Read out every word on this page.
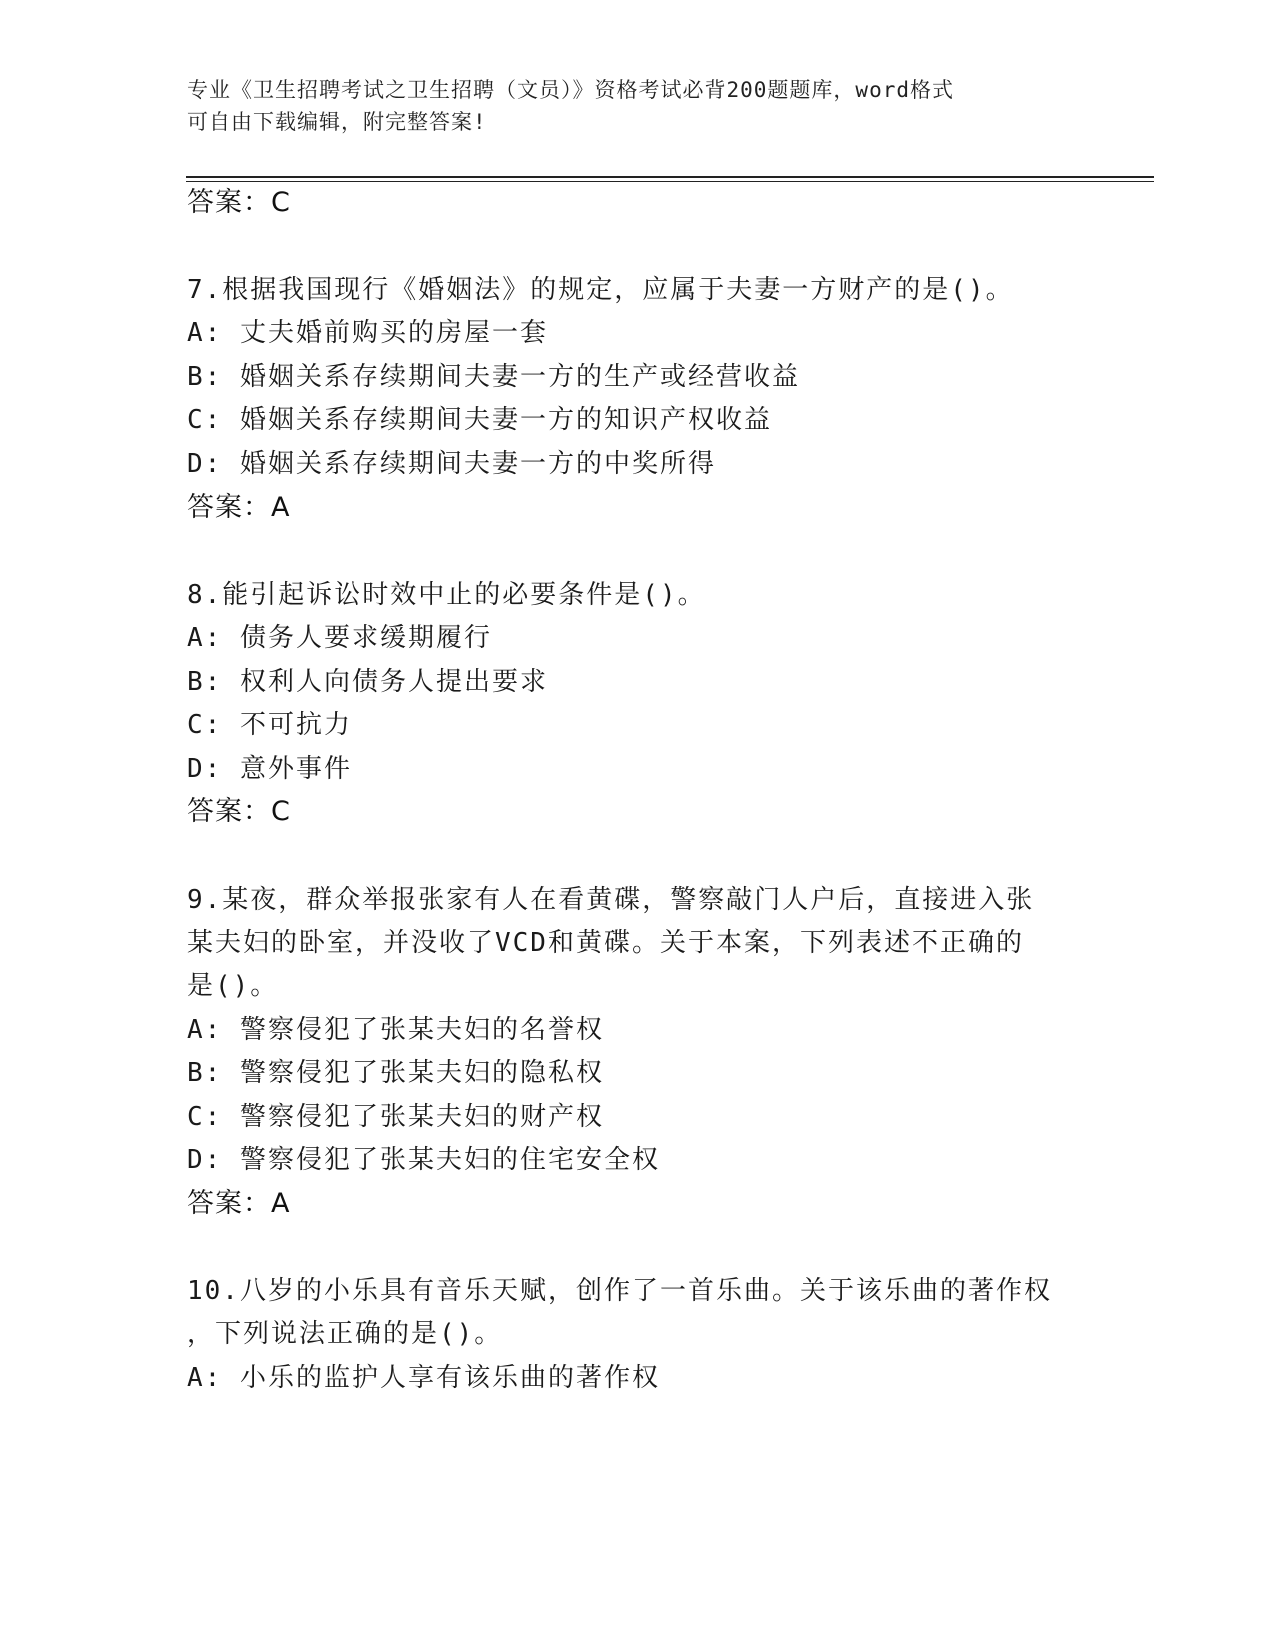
专业《卫生招聘考试之卫生招聘（文员）》资格考试必背200题题库，word格式
可自由下载编辑，附完整答案!

答案：C

7.根据我国现行《婚姻法》的规定，应属于夫妻一方财产的是()。

A: 丈夫婚前购买的房屋一套

B: 婚姻关系存续期间夫妻一方的生产或经营收益

C: 婚姻关系存续期间夫妻一方的知识产权收益

D: 婚姻关系存续期间夫妻一方的中奖所得

答案：A

8.能引起诉讼时效中止的必要条件是()。

A: 债务人要求缓期履行

B: 权利人向债务人提出要求

C: 不可抗力

D: 意外事件

答案：C

9.某夜，群众举报张家有人在看黄碟，警察敲门人户后，直接进入张

某夫妇的卧室，并没收了VCD和黄碟。关于本案，下列表述不正确的

是()。

A: 警察侵犯了张某夫妇的名誉权

B: 警察侵犯了张某夫妇的隐私权

C: 警察侵犯了张某夫妇的财产权

D: 警察侵犯了张某夫妇的住宅安全权

答案：A

10.八岁的小乐具有音乐天赋，创作了一首乐曲。关于该乐曲的著作权

，下列说法正确的是()。

A: 小乐的监护人享有该乐曲的著作权
